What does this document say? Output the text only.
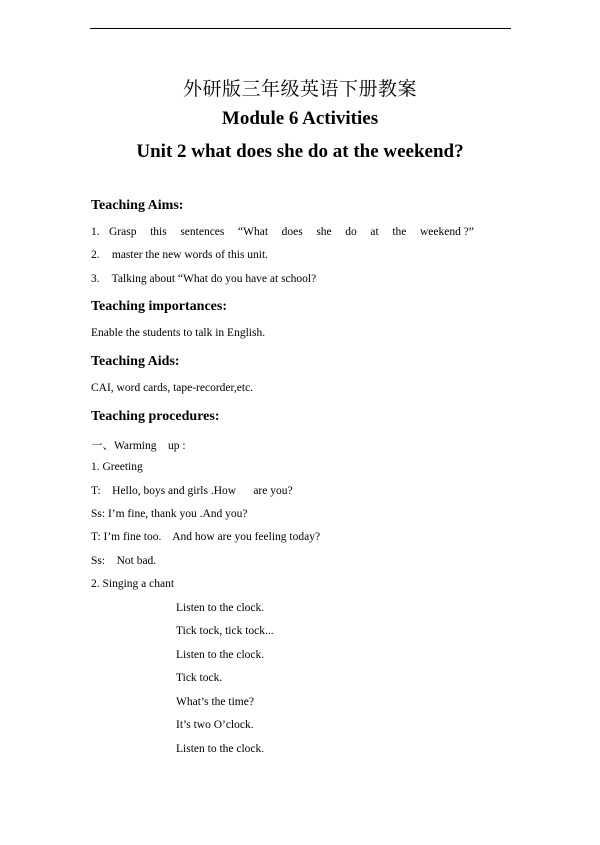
外研版三年级英语下册教案
Module 6 Activities
Unit 2 what does she do at the weekend?
Teaching Aims:
1. Grasp this sentences “What does she do at the weekend ?”
2. master the new words of this unit.
3. Talking about “What do you have at school?
Teaching importances:
Enable the students to talk in English.
Teaching Aids:
CAI, word cards, tape-recorder,etc.
Teaching procedures:
一、Warming    up :
1. Greeting
T:    Hello, boys and girls .How      are you?
Ss: I’m fine, thank you .And you?
T: I’m fine too.    And how are you feeling today?
Ss:    Not bad.
2. Singing a chant
Listen to the clock.
Tick tock, tick tock...
Listen to the clock.
Tick tock.
What’s the time?
It’s two O’clock.
Listen to the clock.
